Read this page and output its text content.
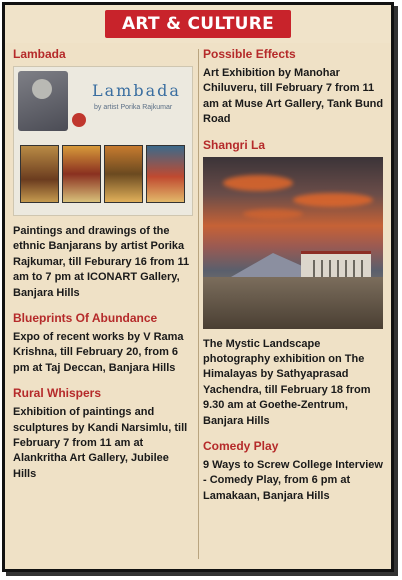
ART & CULTURE
Lambada
Lambada
by artist Porika Rajkumar

Paintings and drawings of the ethnic Banjarans by artist Porika Rajkumar, till Feburary 16 from 11 am to 7 pm at ICONART Gallery, Banjara Hills

Blueprints Of Abundance

Expo of recent works by V Rama Krishna, till February 20, from 6 pm at Taj Deccan, Banjara Hills

Rural Whispers

Exhibition of paintings and sculptures by Kandi Narsimlu, till February 7 from 11 am at Alankritha Art Gallery, Jubilee Hills

Possible Effects

Art Exhibition by Manohar Chiluveru, till February 7 from 11 am at Muse Art Gallery, Tank Bund Road

Shangri La

The Mystic Landscape photography exhibition on The Himalayas by Sathyaprasad Yachendra, till February 18 from 9.30 am at Goethe-Zentrum, Banjara Hills

Comedy Play

9 Ways to Screw College Interview - Comedy Play, from 6 pm at Lamakaan, Banjara Hills
